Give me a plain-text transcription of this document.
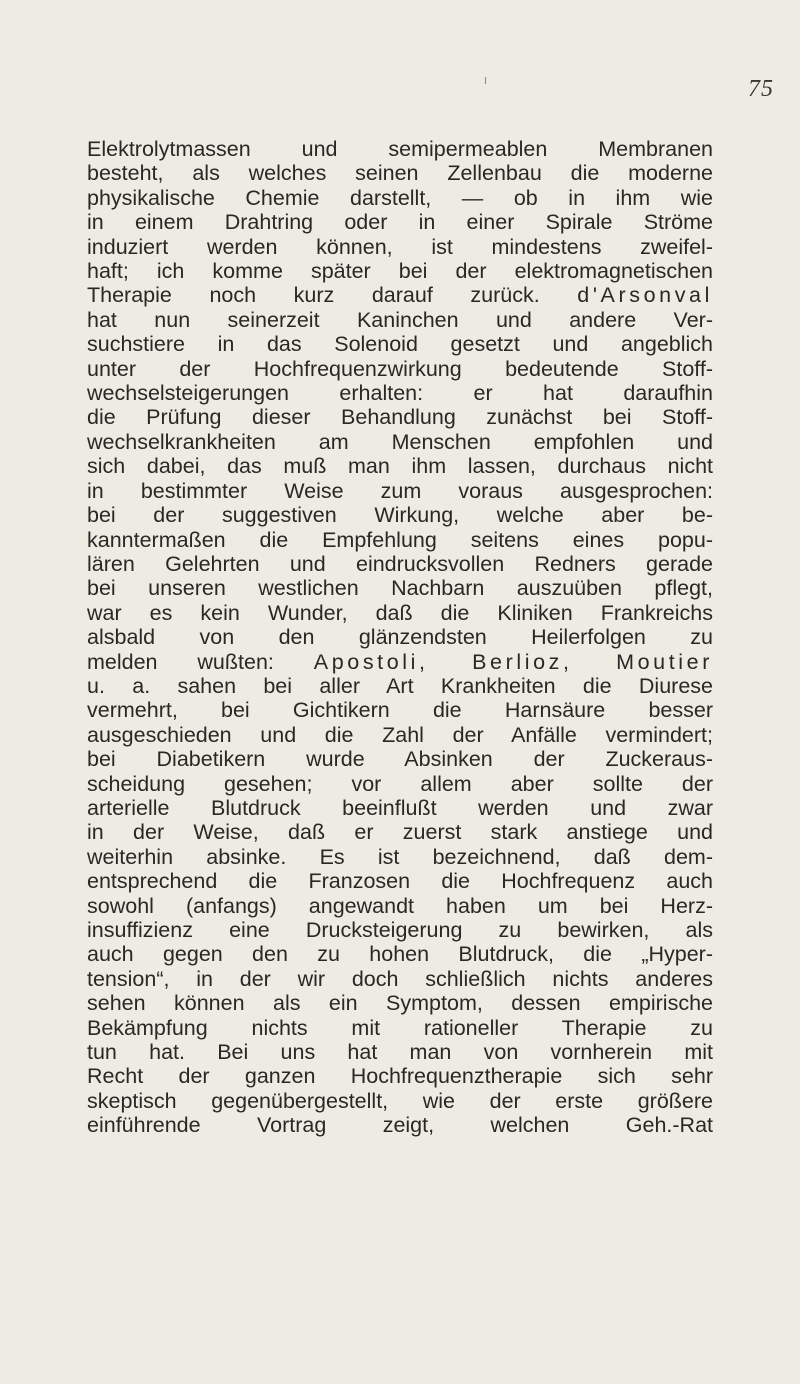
75
Elektrolytmassen und semipermeablen Membranen
besteht, als welches seinen Zellenbau die moderne
physikalische Chemie darstellt, — ob in ihm wie
in einem Drahtring oder in einer Spirale Ströme
induziert werden können, ist mindestens zweifel-
haft; ich komme später bei der elektromagnetischen
Therapie noch kurz darauf zurück. d'Arsonval
hat nun seinerzeit Kaninchen und andere Ver-
suchstiere in das Solenoid gesetzt und angeblich
unter der Hochfrequenzwirkung bedeutende Stoff-
wechselsteigerungen erhalten: er hat daraufhin
die Prüfung dieser Behandlung zunächst bei Stoff-
wechselkrankheiten am Menschen empfohlen und
sich dabei, das muß man ihm lassen, durchaus nicht
in bestimmter Weise zum voraus ausgesprochen:
bei der suggestiven Wirkung, welche aber be-
kanntermaßen die Empfehlung seitens eines popu-
lären Gelehrten und eindrucksvollen Redners gerade
bei unseren westlichen Nachbarn auszuüben pflegt,
war es kein Wunder, daß die Kliniken Frankreichs
alsbald von den glänzendsten Heilerfolgen zu
melden wußten: Apostoli, Berlioz, Moutier
u. a. sahen bei aller Art Krankheiten die Diurese
vermehrt, bei Gichtikern die Harnsäure besser
ausgeschieden und die Zahl der Anfälle vermindert;
bei Diabetikern wurde Absinken der Zuckeraus-
scheidung gesehen; vor allem aber sollte der
arterielle Blutdruck beeinflußt werden und zwar
in der Weise, daß er zuerst stark anstiege und
weiterhin absinke. Es ist bezeichnend, daß dem-
entsprechend die Franzosen die Hochfrequenz auch
sowohl (anfangs) angewandt haben um bei Herz-
insuffizienz eine Drucksteigerung zu bewirken, als
auch gegen den zu hohen Blutdruck, die „Hyper-
tension“, in der wir doch schließlich nichts anderes
sehen können als ein Symptom, dessen empirische
Bekämpfung nichts mit rationeller Therapie zu
tun hat. Bei uns hat man von vornherein mit
Recht der ganzen Hochfrequenztherapie sich sehr
skeptisch gegenübergestellt, wie der erste größere
einführende Vortrag zeigt, welchen Geh.-Rat
